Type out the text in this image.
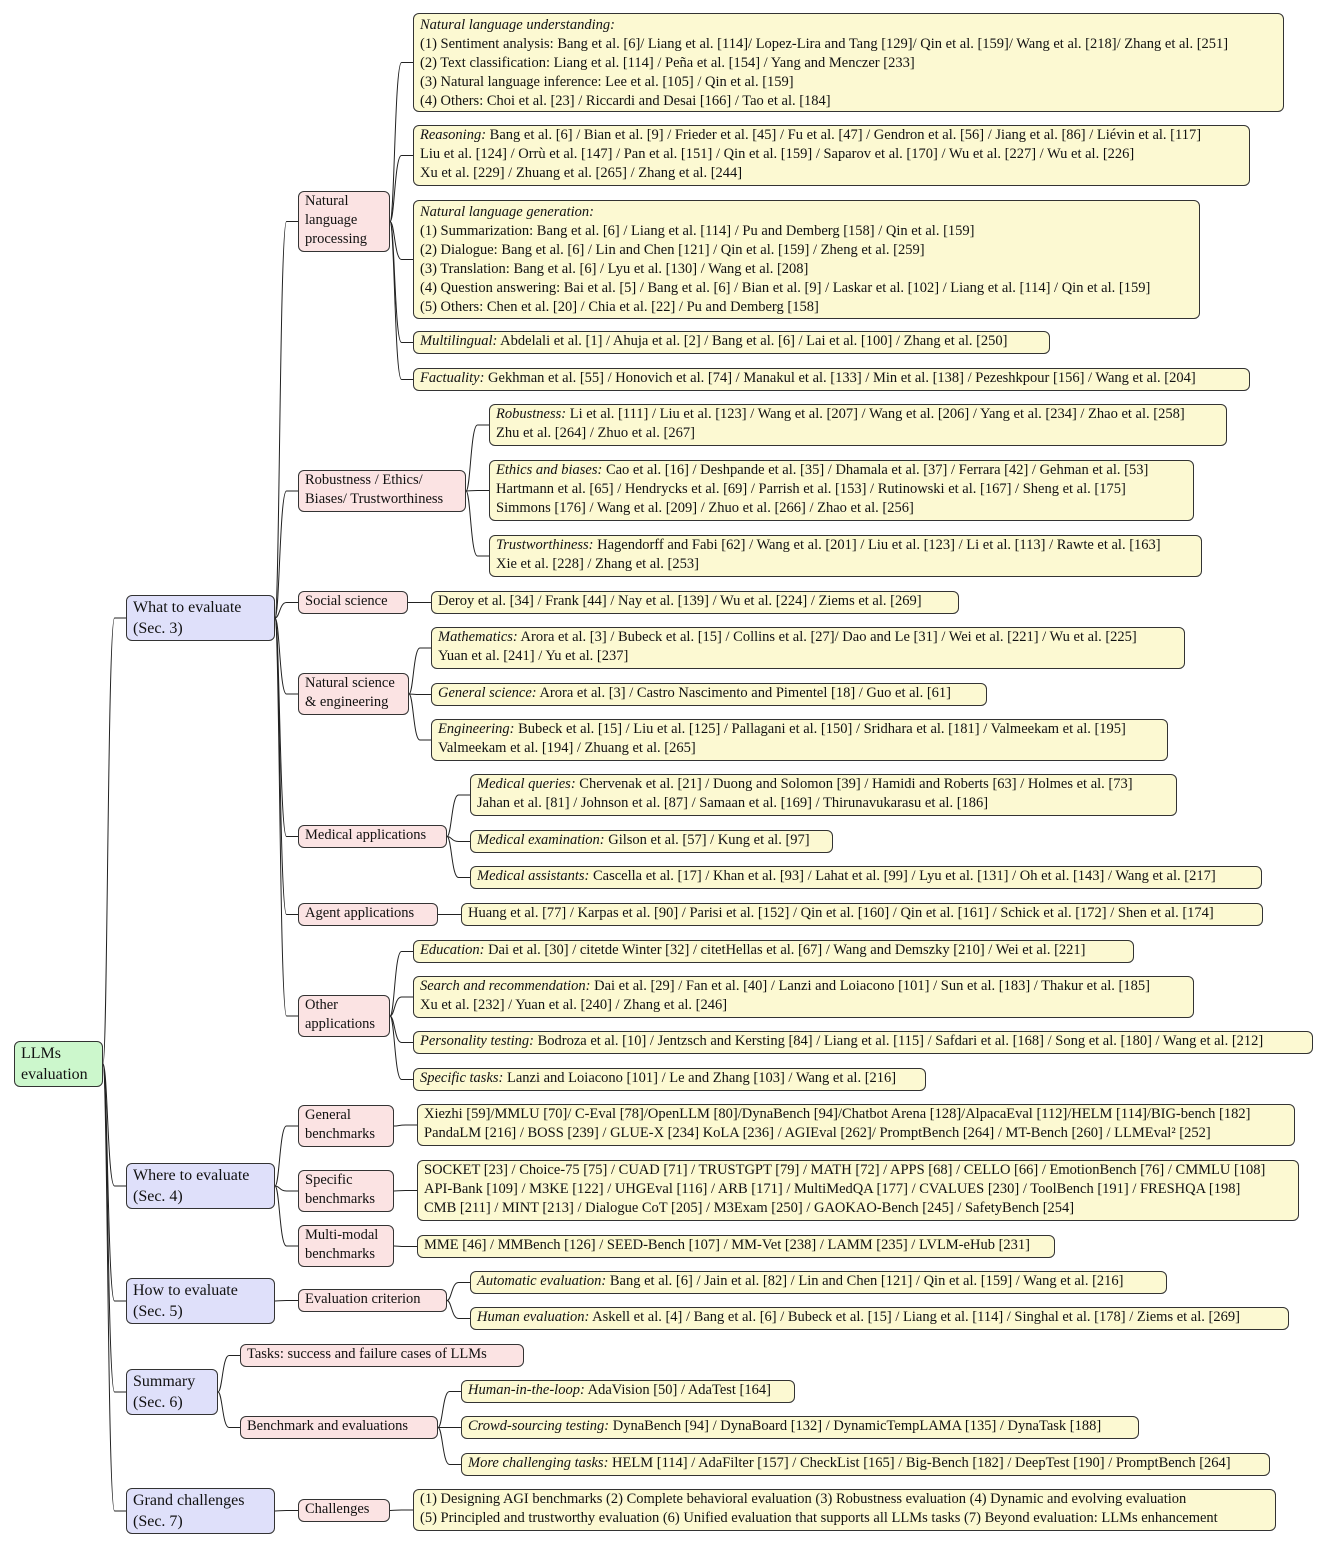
LLMs evaluation
What to evaluate
(Sec. 3)
Where to evaluate
(Sec. 4)
How to evaluate
(Sec. 5)
Summary
(Sec. 6)
Grand challenges
(Sec. 7)
Natural
language
processing
Robustness / Ethics/
Biases/ Trustworthiness
Social science
Natural science
& engineering
Medical applications
Agent applications
Other
applications
General
benchmarks
Specific
benchmarks
Multi-modal
benchmarks
Evaluation criterion
Tasks: success and failure cases of LLMs
Benchmark and evaluations
Challenges
Natural language understanding:
(1) Sentiment analysis: Bang et al. [6]/ Liang et al. [114]/ Lopez-Lira and Tang [129]/ Qin et al. [159]/ Wang et al. [218]/ Zhang et al. [251]
(2) Text classification: Liang et al. [114] / Peña et al. [154] / Yang and Menczer [233]
(3) Natural language inference: Lee et al. [105] / Qin et al. [159]
(4) Others: Choi et al. [23] / Riccardi and Desai [166] / Tao et al. [184]
Reasoning: Bang et al. [6] / Bian et al. [9] / Frieder et al. [45] / Fu et al. [47] / Gendron et al. [56] / Jiang et al. [86] / Liévin et al. [117]
Liu et al. [124] / Orrù et al. [147] / Pan et al. [151] / Qin et al. [159] / Saparov et al. [170] / Wu et al. [227] / Wu et al. [226]
Xu et al. [229] / Zhuang et al. [265] / Zhang et al. [244]
Natural language generation:
(1) Summarization: Bang et al. [6] / Liang et al. [114] / Pu and Demberg [158] / Qin et al. [159]
(2) Dialogue: Bang et al. [6] / Lin and Chen [121] / Qin et al. [159] / Zheng et al. [259]
(3) Translation: Bang et al. [6] / Lyu et al. [130] / Wang et al. [208]
(4) Question answering: Bai et al. [5] / Bang et al. [6] / Bian et al. [9] / Laskar et al. [102] / Liang et al. [114] / Qin et al. [159]
(5) Others: Chen et al. [20] / Chia et al. [22] / Pu and Demberg [158]
Multilingual: Abdelali et al. [1] / Ahuja et al. [2] / Bang et al. [6] / Lai et al. [100] / Zhang et al. [250]
Factuality: Gekhman et al. [55] / Honovich et al. [74] / Manakul et al. [133] / Min et al. [138] / Pezeshkpour [156] / Wang et al. [204]
Robustness: Li et al. [111] / Liu et al. [123] / Wang et al. [207] / Wang et al. [206] / Yang et al. [234] / Zhao et al. [258]
Zhu et al. [264] / Zhuo et al. [267]
Ethics and biases: Cao et al. [16] / Deshpande et al. [35] / Dhamala et al. [37] / Ferrara [42] / Gehman et al. [53]
Hartmann et al. [65] / Hendrycks et al. [69] / Parrish et al. [153] / Rutinowski et al. [167] / Sheng et al. [175]
Simmons [176] / Wang et al. [209] / Zhuo et al. [266] / Zhao et al. [256]
Trustworthiness: Hagendorff and Fabi [62] / Wang et al. [201] / Liu et al. [123] / Li et al. [113] / Rawte et al. [163]
Xie et al. [228] / Zhang et al. [253]
Deroy et al. [34] / Frank [44] / Nay et al. [139] / Wu et al. [224] / Ziems et al. [269]
Mathematics: Arora et al. [3] / Bubeck et al. [15] / Collins et al. [27]/ Dao and Le [31] / Wei et al. [221] / Wu et al. [225]
Yuan et al. [241] / Yu et al. [237]
General science: Arora et al. [3] / Castro Nascimento and Pimentel [18] / Guo et al. [61]
Engineering: Bubeck et al. [15] / Liu et al. [125] / Pallagani et al. [150] / Sridhara et al. [181] / Valmeekam et al. [195]
Valmeekam et al. [194] / Zhuang et al. [265]
Medical queries: Chervenak et al. [21] / Duong and Solomon [39] / Hamidi and Roberts [63] / Holmes et al. [73]
Jahan et al. [81] / Johnson et al. [87] / Samaan et al. [169] / Thirunavukarasu et al. [186]
Medical examination: Gilson et al. [57] / Kung et al. [97]
Medical assistants: Cascella et al. [17] / Khan et al. [93] / Lahat et al. [99] / Lyu et al. [131] / Oh et al. [143] / Wang et al. [217]
Huang et al. [77] / Karpas et al. [90] / Parisi et al. [152] / Qin et al. [160] / Qin et al. [161] / Schick et al. [172] / Shen et al. [174]
Education: Dai et al. [30] / citetde Winter [32] / citetHellas et al. [67] / Wang and Demszky [210] / Wei et al. [221]
Search and recommendation: Dai et al. [29] / Fan et al. [40] / Lanzi and Loiacono [101] / Sun et al. [183] / Thakur et al. [185]
Xu et al. [232] / Yuan et al. [240] / Zhang et al. [246]
Personality testing: Bodroza et al. [10] / Jentzsch and Kersting [84] / Liang et al. [115] / Safdari et al. [168] / Song et al. [180] / Wang et al. [212]
Specific tasks: Lanzi and Loiacono [101] / Le and Zhang [103] / Wang et al. [216]
Xiezhi [59]/MMLU [70]/ C-Eval [78]/OpenLLM [80]/DynaBench [94]/Chatbot Arena [128]/AlpacaEval [112]/HELM [114]/BIG-bench [182]
PandaLM [216] / BOSS [239] / GLUE-X [234] KoLA [236] / AGIEval [262]/ PromptBench [264] / MT-Bench [260] / LLMEval² [252]
SOCKET [23] / Choice-75 [75] / CUAD [71] / TRUSTGPT [79] / MATH [72] / APPS [68] / CELLO [66] / EmotionBench [76] / CMMLU [108]
API-Bank [109] / M3KE [122] / UHGEval [116] / ARB [171] / MultiMedQA [177] / CVALUES [230] / ToolBench [191] / FRESHQA [198]
CMB [211] / MINT [213] / Dialogue CoT [205] / M3Exam [250] / GAOKAO-Bench [245] / SafetyBench [254]
MME [46] / MMBench [126] / SEED-Bench [107] / MM-Vet [238] / LAMM [235] / LVLM-eHub [231]
Automatic evaluation: Bang et al. [6] / Jain et al. [82] / Lin and Chen [121] / Qin et al. [159] / Wang et al. [216]
Human evaluation: Askell et al. [4] / Bang et al. [6] / Bubeck et al. [15] / Liang et al. [114] / Singhal et al. [178] / Ziems et al. [269]
Human-in-the-loop: AdaVision [50] / AdaTest [164]
Crowd-sourcing testing: DynaBench [94] / DynaBoard [132] / DynamicTempLAMA [135] / DynaTask [188]
More challenging tasks: HELM [114] / AdaFilter [157] / CheckList [165] / Big-Bench [182] / DeepTest [190] / PromptBench [264]
(1) Designing AGI benchmarks (2) Complete behavioral evaluation (3) Robustness evaluation (4) Dynamic and evolving evaluation
(5) Principled and trustworthy evaluation (6) Unified evaluation that supports all LLMs tasks (7) Beyond evaluation: LLMs enhancement
